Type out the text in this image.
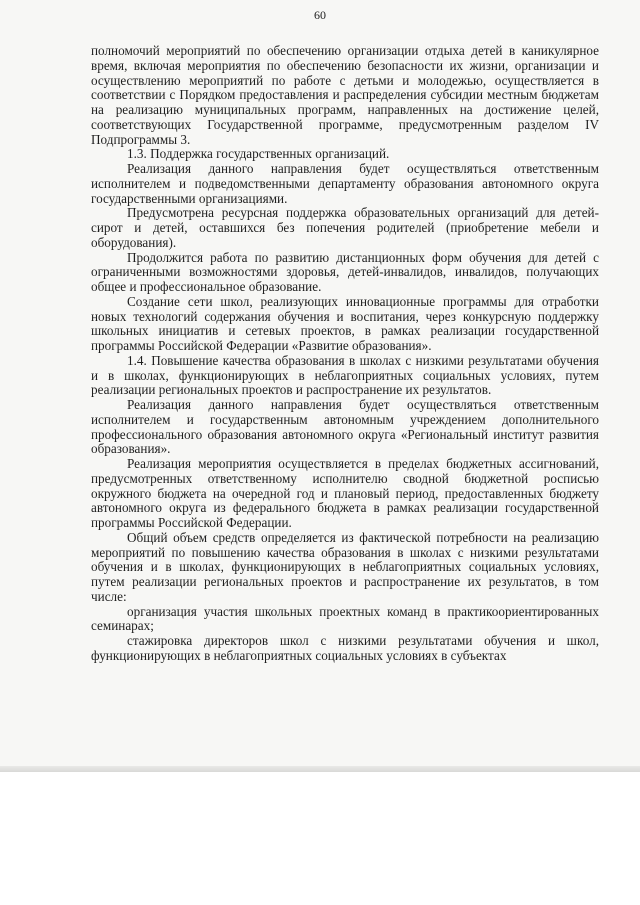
60

полномочий мероприятий по обеспечению организации отдыха детей в каникулярное время, включая мероприятия по обеспечению безопасности их жизни, организации и осуществлению мероприятий по работе с детьми и молодежью, осуществляется в соответствии с Порядком предоставления и распределения субсидии местным бюджетам на реализацию муниципальных программ, направленных на достижение целей, соответствующих Государственной программе, предусмотренным разделом IV Подпрограммы 3.

1.3. Поддержка государственных организаций.

Реализация данного направления будет осуществляться ответственным исполнителем и подведомственными департаменту образования автономного округа государственными организациями.

Предусмотрена ресурсная поддержка образовательных организаций для детей-сирот и детей, оставшихся без попечения родителей (приобретение мебели и оборудования).

Продолжится работа по развитию дистанционных форм обучения для детей с ограниченными возможностями здоровья, детей-инвалидов, инвалидов, получающих общее и профессиональное образование.

Создание сети школ, реализующих инновационные программы для отработки новых технологий содержания обучения и воспитания, через конкурсную поддержку школьных инициатив и сетевых проектов, в рамках реализации государственной программы Российской Федерации «Развитие образования».

1.4. Повышение качества образования в школах с низкими результатами обучения и в школах, функционирующих в неблагоприятных социальных условиях, путем реализации региональных проектов и распространение их результатов.

Реализация данного направления будет осуществляться ответственным исполнителем и государственным автономным учреждением дополнительного профессионального образования автономного округа «Региональный институт развития образования».

Реализация мероприятия осуществляется в пределах бюджетных ассигнований, предусмотренных ответственному исполнителю сводной бюджетной росписью окружного бюджета на очередной год и плановый период, предоставленных бюджету автономного округа из федерального бюджета в рамках реализации государственной программы Российской Федерации.

Общий объем средств определяется из фактической потребности на реализацию мероприятий по повышению качества образования в школах с низкими результатами обучения и в школах, функционирующих в неблагоприятных социальных условиях, путем реализации региональных проектов и распространение их результатов, в том числе:

организация участия школьных проектных команд в практикоориентированных семинарах;

стажировка директоров школ с низкими результатами обучения и школ, функционирующих в неблагоприятных социальных условиях в субъектах
